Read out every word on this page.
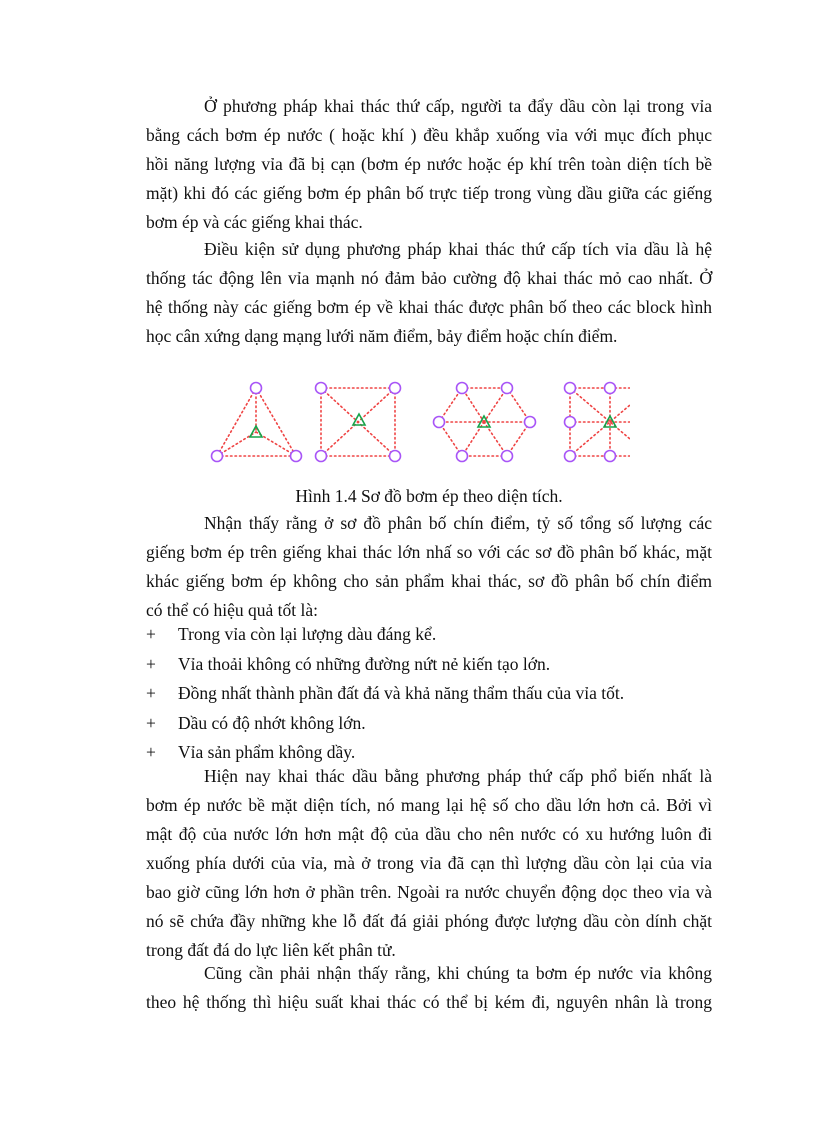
Ở phương pháp khai thác thứ cấp, người ta đẩy dầu còn lại trong vỉa
bằng cách bơm ép nước ( hoặc khí ) đều khắp xuống vỉa với mục đích phục
hồi năng lượng vỉa đã bị cạn (bơm ép nước hoặc ép khí trên toàn diện tích bề
mặt) khi đó các giếng bơm ép phân bố trực tiếp trong vùng dầu giữa các giếng
bơm ép và các giếng khai thác.

Điều kiện sử dụng phương pháp khai thác thứ cấp tích vỉa dầu là hệ
thống tác động lên vỉa mạnh nó đảm bảo cường độ khai thác mỏ cao nhất. Ở
hệ thống này các giếng bơm ép về khai thác được phân bố theo các block hình
học cân xứng dạng mạng lưới năm điểm, bảy điểm hoặc chín điểm.

Hình 1.4 Sơ đồ bơm ép theo diện tích.

Nhận thấy rằng ở sơ đồ phân bố chín điểm, tỷ số tổng số lượng các
giếng bơm ép trên giếng khai thác lớn nhấ so với các sơ đồ phân bố khác, mặt
khác giếng bơm ép không cho sản phẩm khai thác, sơ đồ phân bố chín điểm
có thể có hiệu quả tốt là:

+ Trong vỉa còn lại lượng dàu đáng kể.
+ Vỉa thoải không có những đường nứt nẻ kiến tạo lớn.
+ Đồng nhất thành phần đất đá và khả năng thẩm thấu của vỉa tốt.
+ Dầu có độ nhớt không lớn.
+ Vỉa sản phẩm không dầy.

Hiện nay khai thác dầu bằng phương pháp thứ cấp phổ biến nhất là
bơm ép nước bề mặt diện tích, nó mang lại hệ số cho dầu lớn hơn cả. Bởi vì
mật độ của nước lớn hơn mật độ của dầu cho nên nước có xu hướng luôn đi
xuống phía dưới của vỉa, mà ở trong vỉa đã cạn thì lượng dầu còn lại của vỉa
bao giờ cũng lớn hơn ở phần trên. Ngoài ra nước chuyển động dọc theo vỉa và
nó sẽ chứa đầy những khe lỗ đất đá giải phóng được lượng dầu còn dính chặt
trong đất đá do lực liên kết phân tử.

Cũng cần phải nhận thấy rằng, khi chúng ta bơm ép nước vỉa không
theo hệ thống thì hiệu suất khai thác có thể bị kém đi, nguyên nhân là trong
